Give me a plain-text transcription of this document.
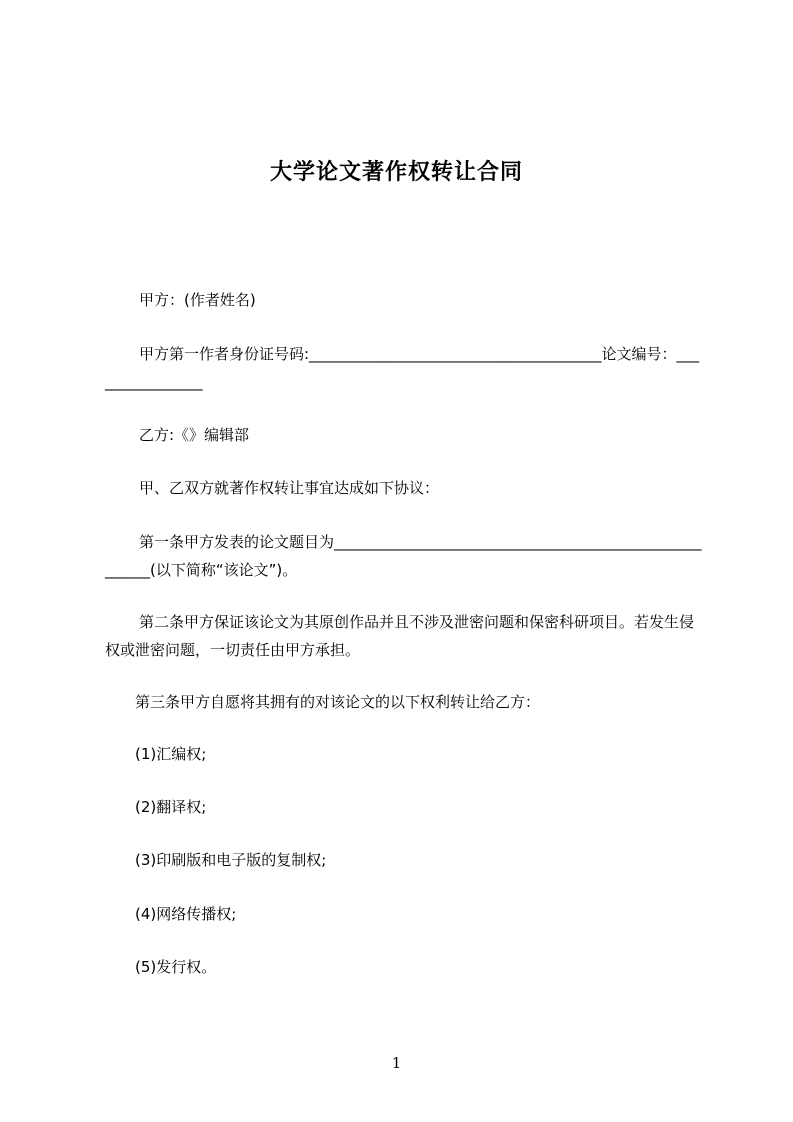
大学论文著作权转让合同

甲方：(作者姓名)

甲方第一作者身份证号码:_______________________________________论文编号：________________

乙方:《》编辑部

甲、乙双方就著作权转让事宜达成如下协议：

第一条甲方发表的论文题目为_______________________________________________________(以下简称“该论文”)。

第二条甲方保证该论文为其原创作品并且不涉及泄密问题和保密科研项目。若发生侵权或泄密问题，一切责任由甲方承担。

第三条甲方自愿将其拥有的对该论文的以下权利转让给乙方：

(1)汇编权;

(2)翻译权;

(3)印刷版和电子版的复制权;

(4)网络传播权;

(5)发行权。

1
